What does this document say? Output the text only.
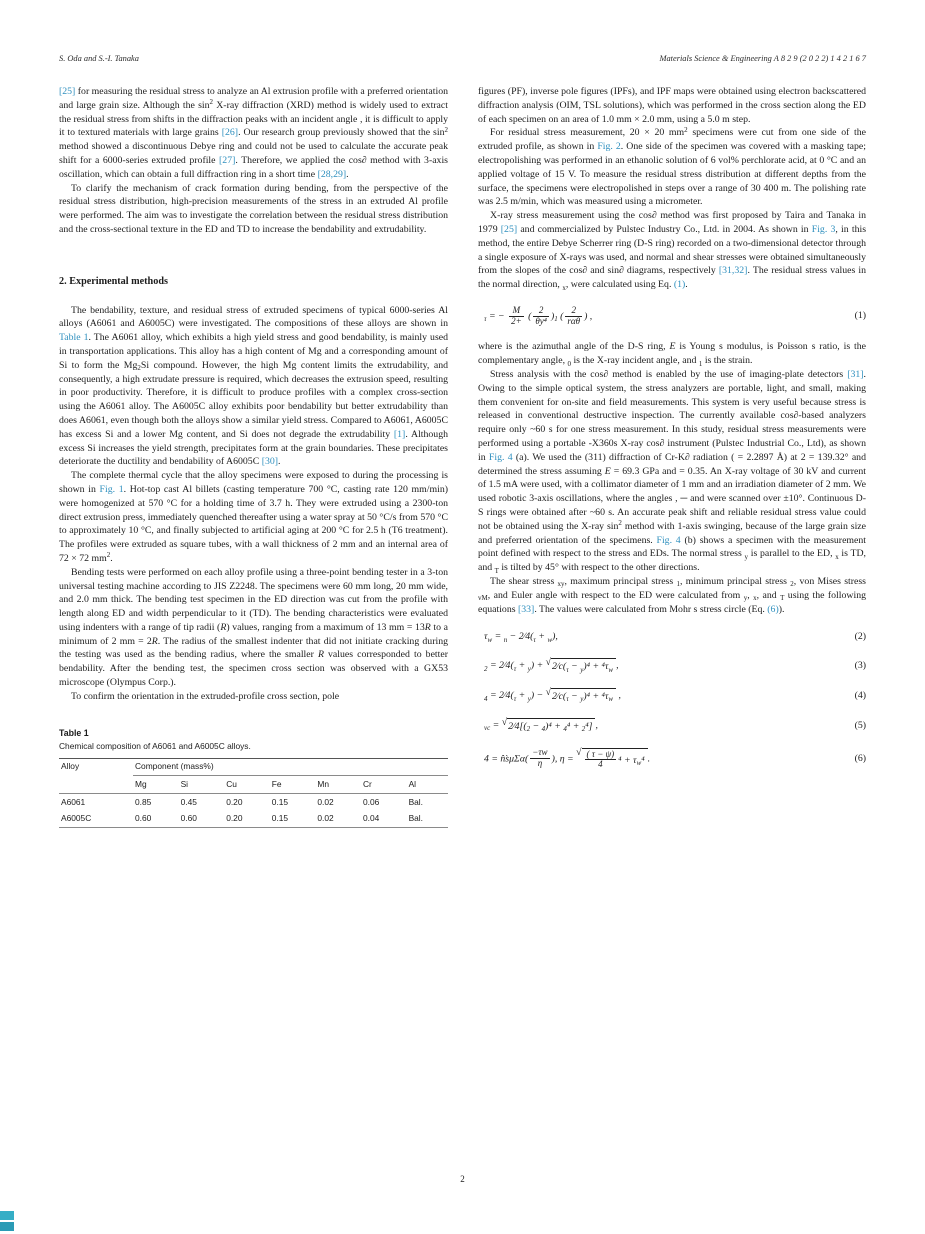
S. Oda and S.-I. Tanaka	Materials Science & Engineering A 8 2 9 (2 0 2 2) 1 4 2 1 6 7

[25] for measuring the residual stress to analyze an Al extrusion profile with a preferred orientation and large grain size. Although the $\sin^2 X-ray$ diffraction (XRD) method is widely used to extract the residual stress from shifts in the diffraction peaks with an incident angle , it is difficult to apply it to textured materials with large grains [26]. Our research group previously showed that the $\sin^2$ method showed a discontinuous Debye ring and could not be used to calculate the accurate peak shift for a 6000-series extruded profile [27]. Therefore, we applied the cos∂ method with 3-axis oscillation, which can obtain a full diffraction ring in a short time [28,29].

To clarify the mechanism of crack formation during bending, from the perspective of the residual stress distribution, high-precision measurements of the stress in an extruded Al profile were performed. The aim was to investigate the correlation between the residual stress distribution and the cross-sectional texture in the ED and TD to increase the bendability and extrudability.

2. Experimental methods

The bendability, texture, and residual stress of extruded specimens of typical 6000-series Al alloys (A6061 and A6005C) were investigated. The compositions of these alloys are shown in Table 1. The A6061 alloy, which exhibits a high yield stress and good bendability, is mainly used in transportation applications. This alloy has a high content of Mg and a corresponding amount of Si to form the $Mg_2Si$ compound. However, the high Mg content limits the extrudability, and consequently, a high extrudate pressure is required, which decreases the extrusion speed, resulting in poor productivity. Therefore, it is difficult to produce profiles with a complex cross-section using the A6061 alloy. The A6005C alloy exhibits poor bendability but better extrudability than does A6061, even though both the alloys show a similar yield stress. Compared to A6061, A6005C has excess Si and a lower Mg content, and Si does not degrade the extrudability [1]. Although excess Si increases the yield strength, precipitates form at the grain boundaries. These precipitates deteriorate the ductility and bendability of A6005C [30].

The complete thermal cycle that the alloy specimens were exposed to during the processing is shown in Fig. 1. Hot-top cast Al billets (casting temperature 700 °C, casting rate 120 mm/min) were homogenized at 570 °C for a holding time of 3.7 h. They were extruded using a 2300-ton direct extrusion press, immediately quenched thereafter using a water spray at 50 °C/s from 570 °C to approximately 10 °C, and finally subjected to artificial aging at 200 °C for 2.5 h (T6 treatment). The profiles were extruded as square tubes, with a wall thickness of 2 mm and an internal area of 72 × 72 $mm^2$.

Bending tests were performed on each alloy profile using a three-point bending tester in a 3-ton universal testing machine according to JIS Z2248. The specimens were 60 mm long, 20 mm wide, and 2.0 mm thick. The bending test specimen in the ED direction was cut from the profile with length along ED and width perpendicular to it (TD). The bending characteristics were evaluated using indenters with a range of tip radii (R) values, ranging from a maximum of 13 mm = 13R to a minimum of 2 mm = 2R. The radius of the smallest indenter that did not initiate cracking during the testing was used as the bending radius, where the smaller R values corresponded to better bendability. After the bending test, the specimen cross section was observed with a GX53 microscope (Olympus Corp.).

To confirm the orientation in the extruded-profile cross section, pole

Table 1
Chemical composition of A6061 and A6005C alloys.
Alloy	Component (mass%)						
	Mg	Si	Cu	Fe	Mn	Cr	Al
A6061	0.85	0.45	0.20	0.15	0.02	0.06	Bal.
A6005C	0.60	0.60	0.20	0.15	0.02	0.04	Bal.

figures (PF), inverse pole figures (IPFs), and IPF maps were obtained using electron backscattered diffraction analysis (OIM, TSL solutions), which was performed in the cross section along the ED of each specimen on an area of 1.0 mm × 2.0 mm, using a 5.0 m step.

For residual stress measurement, 20 × 20 $mm^2$ specimens were cut from one side of the extruded profile, as shown in Fig. 2. One side of the specimen was covered with a masking tape; electropolishing was performed in an ethanolic solution of 6 vol% perchlorate acid, at 0 °C and an applied voltage of 15 V. To measure the residual stress distribution at different depths from the surface, the specimens were electropolished in steps over a range of 30 400 m. The polishing rate was 2.5 m/min, which was measured using a micrometer.

X-ray stress measurement using the cos∂ method was first proposed by Taira and Tanaka in 1979 [25] and commercialized by Pulstec Industry Co., Ltd. in 2004. As shown in Fig. 3, in this method, the entire Debye Scherrer ring (D-S ring) recorded on a two-dimensional detector through a single exposure of X-rays was used, and normal and shear stresses were obtained simultaneously from the slopes of the cos∂ and sin∂ diagrams, respectively [31,32]. The residual stress values in the normal direction, $_x$, were calculated using Eq. (1).

$_\tau$ = − $\frac{M}{2+}$ ( $\frac{2}{\text{θy⁴}} )_1$ ( $\frac{2}{\text{rαθ}}$ ) ,	(1)

where is the azimuthal angle of the D-S ring, E is Young s modulus, is Poisson s ratio, is the complementary angle, $_0$ is the X-ray incident angle, and $_1$ is the strain.

Stress analysis with the cos∂ method is enabled by the use of imaging-plate detectors [31]. Owing to the simple optical system, the stress analyzers are portable, light, and small, making them convenient for on-site and field measurements. This system is very useful because stress is released in conventional destructive inspection. The currently available cos∂-based analyzers require only ~60 s for one stress measurement. In this study, residual stress measurements were performed using a portable -X360s X-ray cos∂ instrument (Pulstec Industrial Co., Ltd), as shown in Fig. 4 (a). We used the (311) diffraction of Cr-K∂ radiation ( = 2.2897 Å) at 2 = 139.32° and determined the stress assuming E = 69.3 GPa and = 0.35. An X-ray voltage of 30 kV and current of 1.5 mA were used, with a collimator diameter of 1 mm and an irradiation diameter of 2 mm. We used robotic 3-axis oscillations, where the angles , ─ and were scanned over ±10°. Continuous D-S rings were obtained after ~60 s. An accurate peak shift and reliable residual stress value could not be obtained using the X-ray $\sin^2$ method with 1-axis swinging, because of the large grain size and preferred orientation of the specimens. Fig. 4 (b) shows a specimen with the measurement point defined with respect to the stress and EDs. The normal stress $_y$ is parallel to the ED, $_x$ is TD, and $_T$ is tilted by 45° with respect to the other directions.

The shear stress $_{xy}$, maximum principal stress $_1$, minimum principal stress $_2$, von Mises stress $_{vM}$, and Euler angle with respect to the ED were calculated from $_y$, $_x$, and $_T$ using the following equations [33]. The values were calculated from Mohr s stress circle (Eq. (6)).

$\tau_w = _n$ − $2∕4(_\tau + _w)$,	(2)
$_2 = 2∕4(_\tau + _y)$ + √ $2∕c(_\tau - _y)^4 + ^4\tau_w$ ,	(3)
$_4 = 2∕4(_\tau + _y)$ − √ $2∕c(_\tau - _y)^4 + ^4\tau_w$ ,	(4)
$_{vc}$ = √ $2∕4[(_2 - _4)^4 + _4^4 + _2^4]$ ,	(5)
4 = n̂s̀μΣα( $\frac{-\tau w}{\eta}$ ), η =
√ $\frac{( \tau - \psi)}{4} ^4 + \tau_w^4$ .	(6)
2
